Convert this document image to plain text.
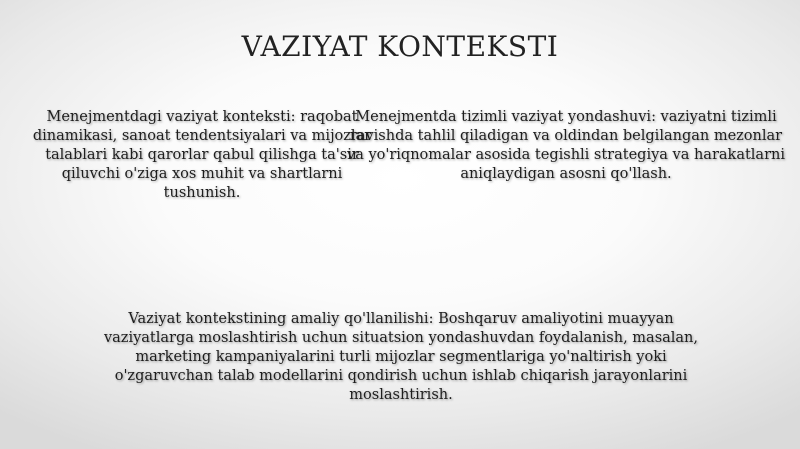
VAZIYAT KONTEKSTI

Menejmentdagi vaziyat konteksti: raqobat dinamikasi, sanoat tendentsiyalari va mijozlar talablari kabi qarorlar qabul qilishga ta'sir qiluvchi o'ziga xos muhit va shartlarni tushunish.

Menejmentda tizimli vaziyat yondashuvi: vaziyatni tizimli ravishda tahlil qiladigan va oldindan belgilangan mezonlar va yo'riqnomalar asosida tegishli strategiya va harakatlarni aniqlaydigan asosni qo'llash.

Vaziyat kontekstining amaliy qo'llanilishi: Boshqaruv amaliyotini muayyan vaziyatlarga moslashtirish uchun situatsion yondashuvdan foydalanish, masalan, marketing kampaniyalarini turli mijozlar segmentlariga yo'naltirish yoki o'zgaruvchan talab modellarini qondirish uchun ishlab chiqarish jarayonlarini moslashtirish.
